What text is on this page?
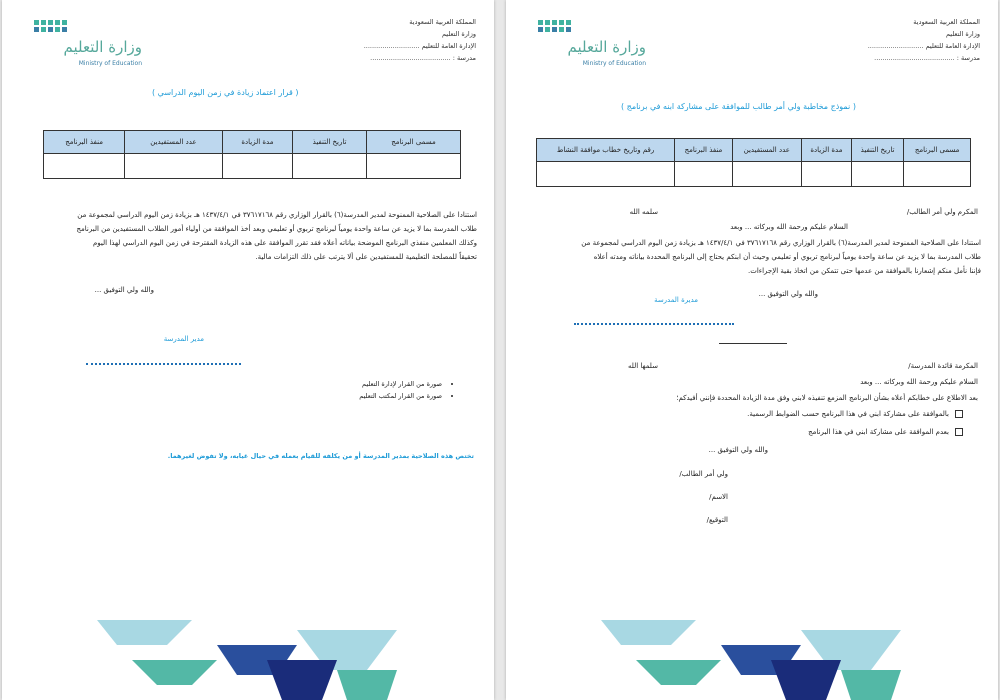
المملكة العربية السعودية
وزارة التعليم
الإدارة العامة للتعليم ...........................
مدرسة : .......................................
وزارة التعليم
Ministry of Education
( قرار اعتماد زيادة في زمن اليوم الدراسي )
مسمى البرنامج	تاريخ التنفيذ	مدة الزيادة	عدد المستفيدين	منفذ البرنامج

استنادا على الصلاحية الممنوحة لمدير المدرسة(٦) بالقرار الوزاري رقم ٣٧٦١٧١٦٨ في ١٤٣٧/٤/١ هـ بزيادة زمن اليوم الدراسي لمجموعة من
طلاب المدرسة بما لا يزيد عن ساعة واحدة يومياً لبرنامج تربوي أو تعليمي وبعد أخذ الموافقة من أولياء أمور الطلاب المستفيدين من البرنامج
وكذلك المعلمين منفذي البرنامج الموضحة بياناته أعلاه فقد تقرر الموافقة على هذه الزيادة المقترحة في زمن اليوم الدراسي لهذا اليوم
تحقيقاً للمصلحة التعليمية للمستفيدين على ألا يترتب على ذلك التزامات مالية.
والله ولي التوفيق ...
مدير المدرسة
• صورة من القرار لإدارة التعليم
• صورة من القرار لمكتب التعليم
تختص هذه الصلاحية بمدير المدرسة أو من يكلفه للقيام بعمله في حيال غيابه، ولا تفوض لغيرهما.
المملكة العربية السعودية
وزارة التعليم
الإدارة العامة للتعليم ...........................
مدرسة : .......................................
وزارة التعليم
Ministry of Education
( نموذج مخاطبة ولي أمر طالب للموافقة على مشاركة ابنه في برنامج )
مسمى البرنامج	تاريخ التنفيذ	مدة الزيادة	عدد المستفيدين	منفذ البرنامج	رقم وتاريخ خطاب موافقة النشاط

المكرم ولي أمر الطالب/
سلمه الله
السلام عليكم ورحمة الله وبركاته ... وبعد
استنادا على الصلاحية الممنوحة لمدير المدرسة(٦) بالقرار الوزاري رقم ٣٧٦١٧١٦٨ في ١٤٣٧/٤/١ هـ بزيادة زمن اليوم الدراسي لمجموعة من
طلاب المدرسة بما لا يزيد عن ساعة واحدة يومياً لبرنامج تربوي أو تعليمي وحيث أن ابنكم يحتاج إلى البرنامج المحددة بياناته ومدته أعلاه
فإننا نأمل منكم إشعارنا بالموافقة من عدمها حتى تتمكن من اتخاذ بقية الإجراءات.
والله ولي التوفيق ...
مديرة المدرسة
المكرمة قائدة المدرسة/
سلمها الله
السلام عليكم ورحمة الله وبركاته ... وبعد
بعد الاطلاع على خطابكم أعلاه بشأن البرنامج المزمع تنفيذه لابني وفق مدة الزيادة المحددة فإنني أفيدكم؛
بالموافقة على مشاركة ابني في هذا البرنامج حسب الضوابط الرسمية.
بعدم الموافقة على مشاركة ابني في هذا البرنامج
والله ولي التوفيق ...
ولي أمر الطالب/
الاسم/
التوقيع/
